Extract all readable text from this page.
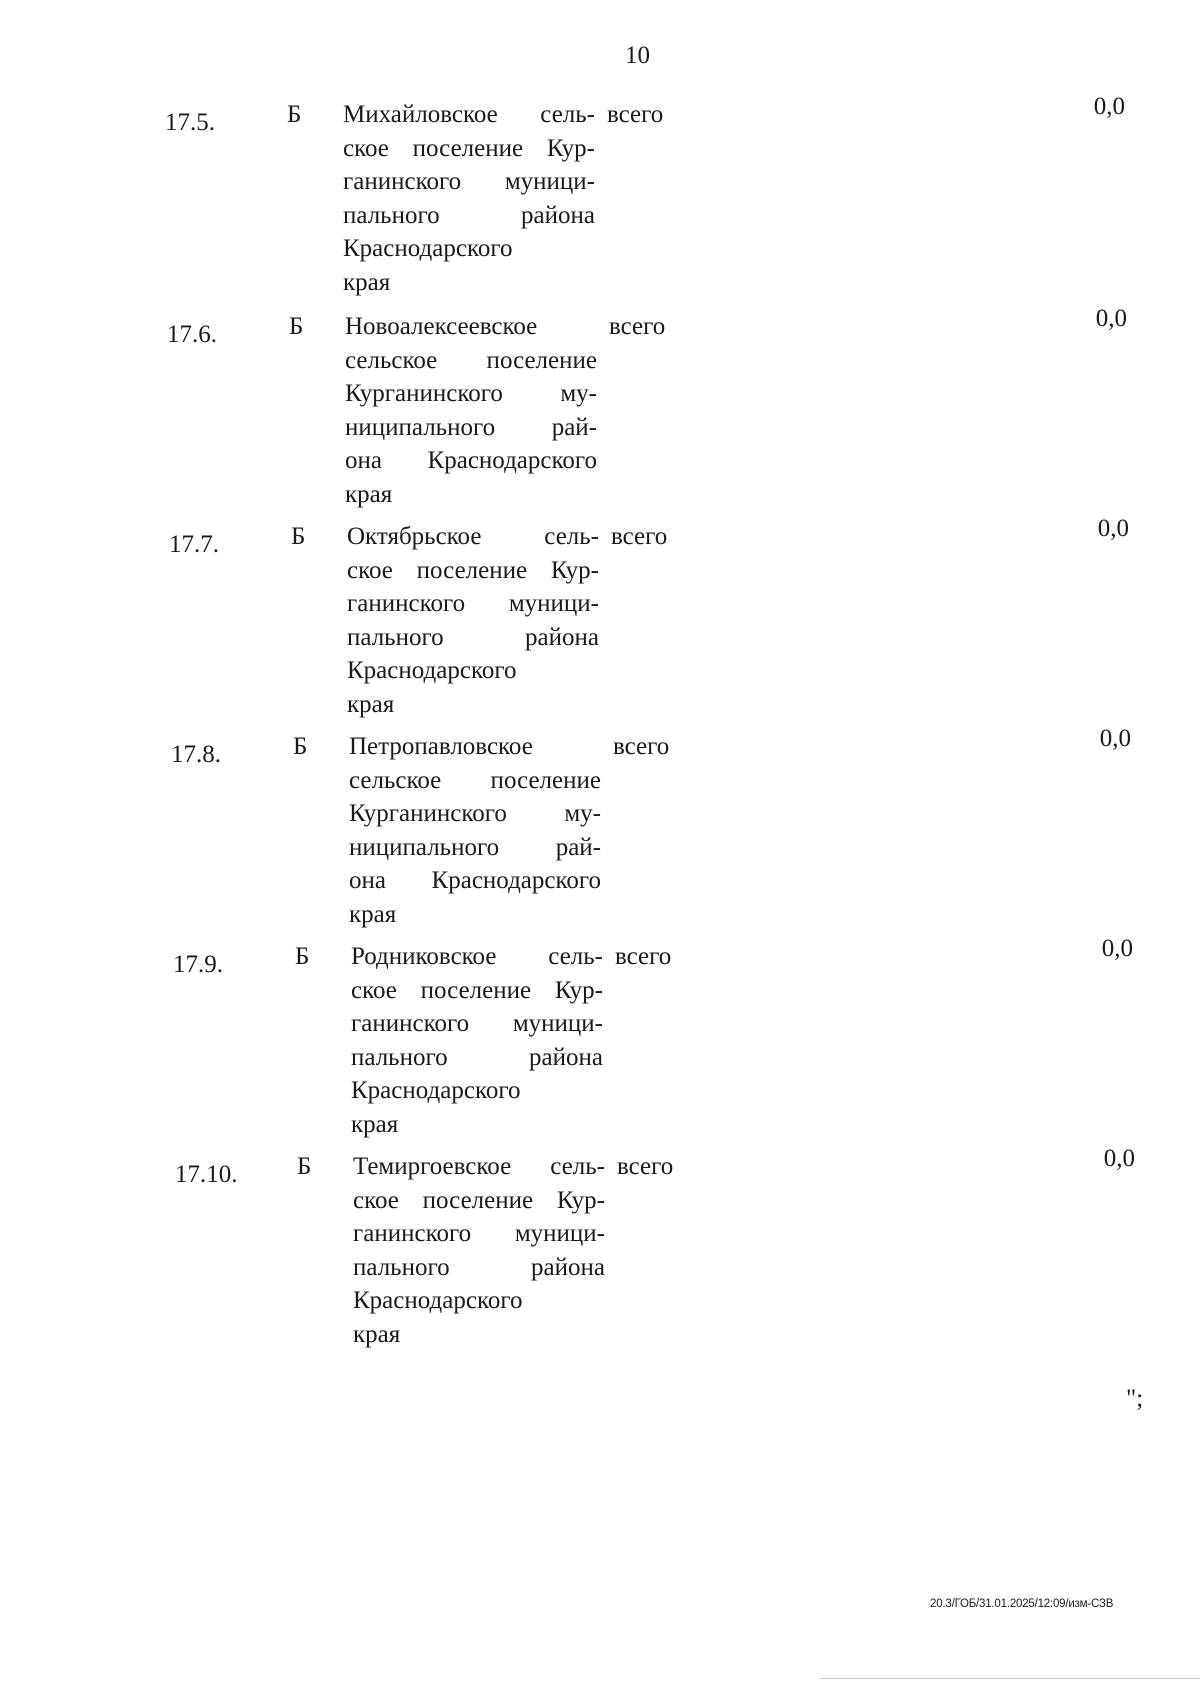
10
17.5.	Б Михайловское сель-
ское поселение Кур-
ганинского муници-
пального района
Краснодарского
края
всего	0,0
17.6.	Б Новоалексеевское
сельское поселение
Курганинского му-
ниципального рай-
она Краснодарского
края
всего	0,0
17.7.	Б Октябрьское сель-
ское поселение Кур-
ганинского муници-
пального района
Краснодарского
края
всего	0,0
17.8.	Б Петропавловское
сельское поселение
Курганинского му-
ниципального рай-
она Краснодарского
края
всего	0,0
17.9.	Б Родниковское сель-
ское поселение Кур-
ганинского муници-
пального района
Краснодарского
края
всего	0,0
17.10. Б Темиргоевское сель-
ское поселение Кур-
ганинского муници-
пального района
Краснодарского
края
всего	0,0
";
20.3/ГОБ/31.01.2025/12:09/изм-СЗВ
